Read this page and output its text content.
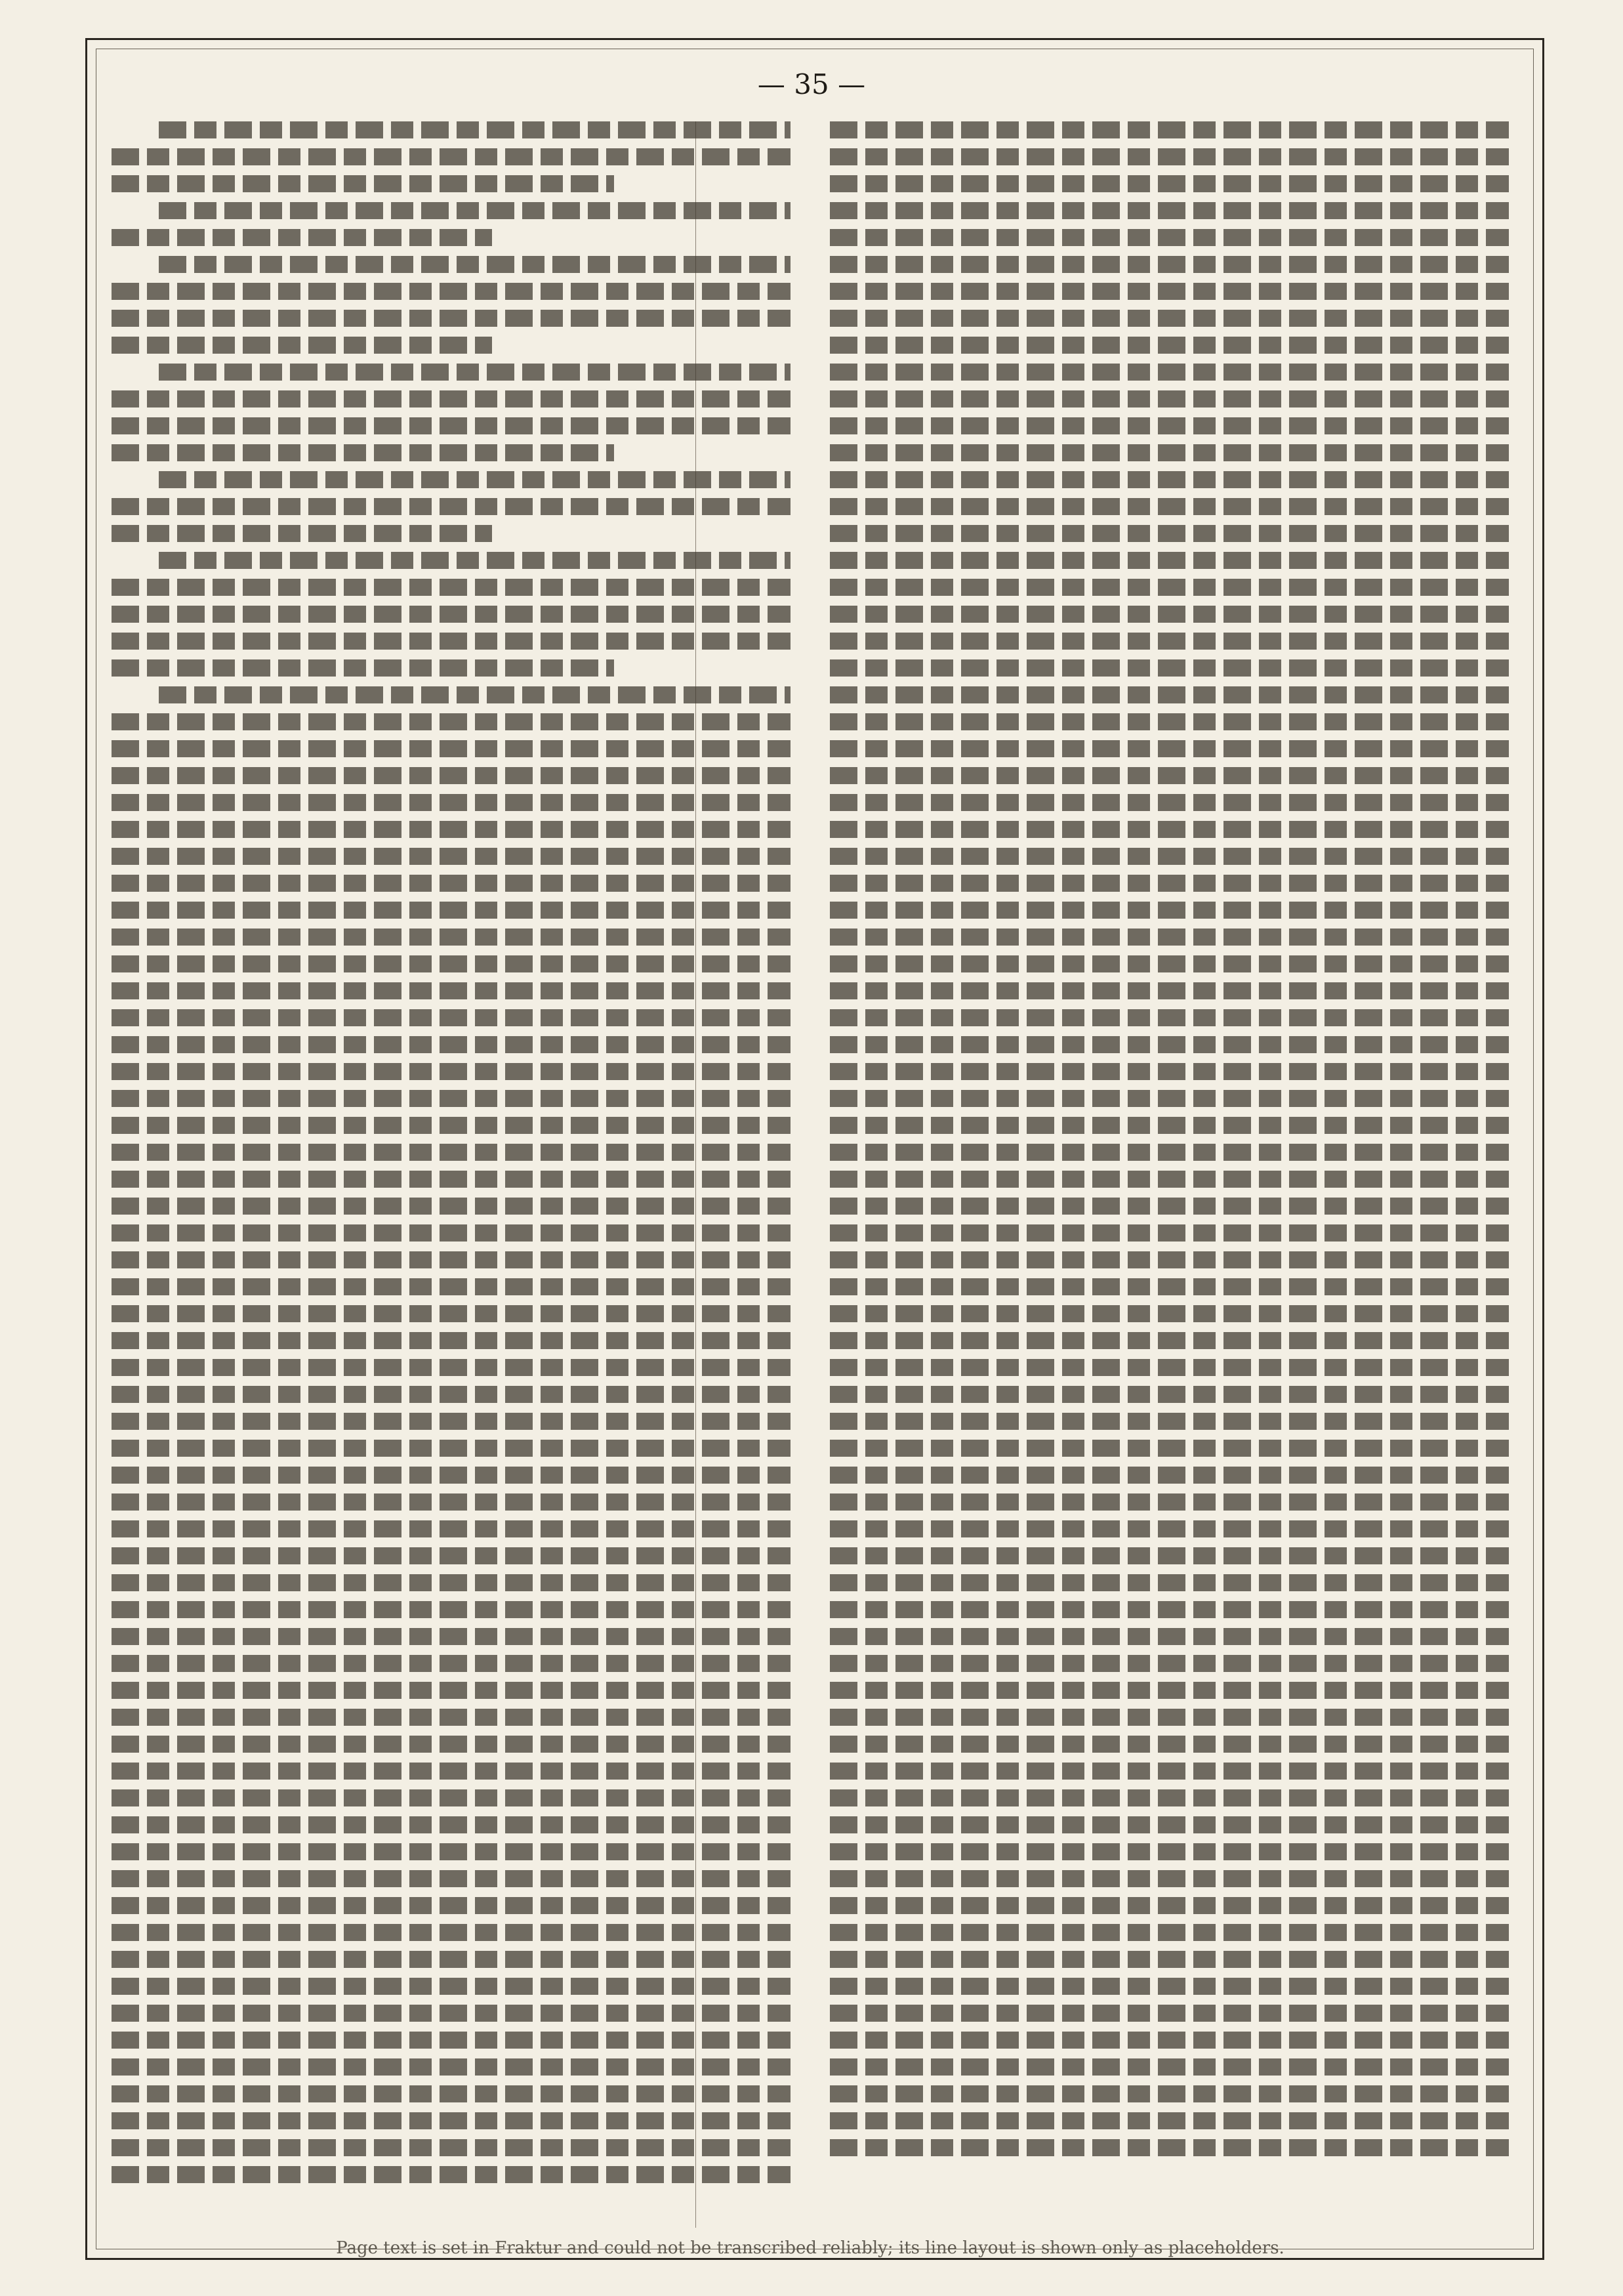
— 35 —
Page text is set in Fraktur and could not be transcribed reliably; its line layout is shown only as placeholders.
